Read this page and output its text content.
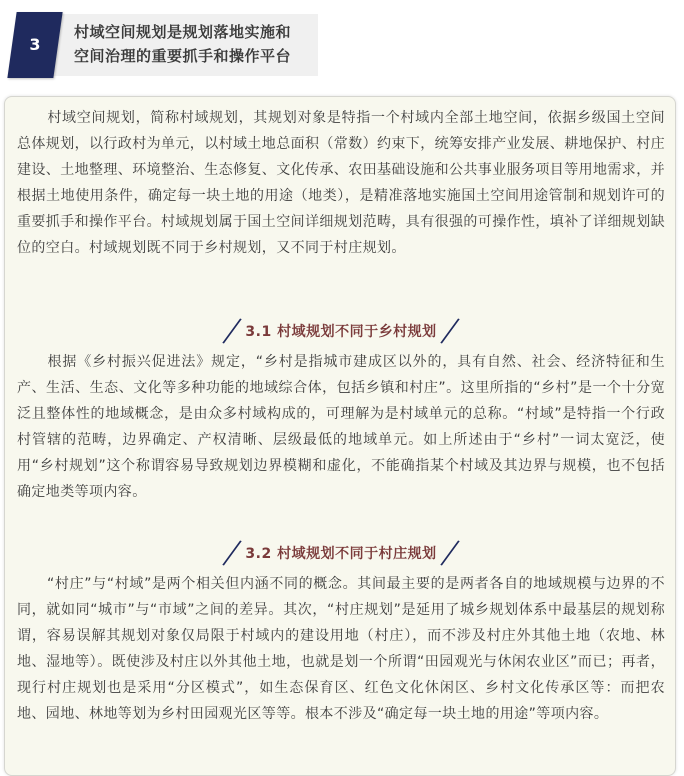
3
村域空间规划是规划落地实施和
空间治理的重要抓手和操作平台
村域空间规划，简称村域规划，其规划对象是特指一个村域内全部土地空间，依据乡级国土空间总体规划，以行政村为单元，以村域土地总面积（常数）约束下，统筹安排产业发展、耕地保护、村庄建设、土地整理、环境整治、生态修复、文化传承、农田基础设施和公共事业服务项目等用地需求，并根据土地使用条件，确定每一块土地的用途（地类），是精准落地实施国土空间用途管制和规划许可的重要抓手和操作平台。村域规划属于国土空间详细规划范畴，具有很强的可操作性，填补了详细规划缺位的空白。村域规划既不同于乡村规划，又不同于村庄规划。
3.1 村域规划不同于乡村规划
根据《乡村振兴促进法》规定，“乡村是指城市建成区以外的，具有自然、社会、经济特征和生产、生活、生态、文化等多种功能的地域综合体，包括乡镇和村庄”。这里所指的“乡村”是一个十分宽泛且整体性的地域概念，是由众多村域构成的，可理解为是村域单元的总称。“村域”是特指一个行政村管辖的范畴，边界确定、产权清晰、层级最低的地域单元。如上所述由于“乡村”一词太宽泛，使用“乡村规划”这个称谓容易导致规划边界模糊和虚化，不能确指某个村域及其边界与规模，也不包括确定地类等项内容。
3.2 村域规划不同于村庄规划
“村庄”与“村域”是两个相关但内涵不同的概念。其间最主要的是两者各自的地域规模与边界的不同，就如同“城市”与“市域”之间的差异。其次，“村庄规划”是延用了城乡规划体系中最基层的规划称谓，容易误解其规划对象仅局限于村域内的建设用地（村庄），而不涉及村庄外其他土地（农地、林地、湿地等）。既使涉及村庄以外其他土地，也就是划一个所谓“田园观光与休闲农业区”而已；再者，现行村庄规划也是采用“分区模式”，如生态保育区、红色文化休闲区、乡村文化传承区等：而把农地、园地、林地等划为乡村田园观光区等等。根本不涉及“确定每一块土地的用途”等项内容。
